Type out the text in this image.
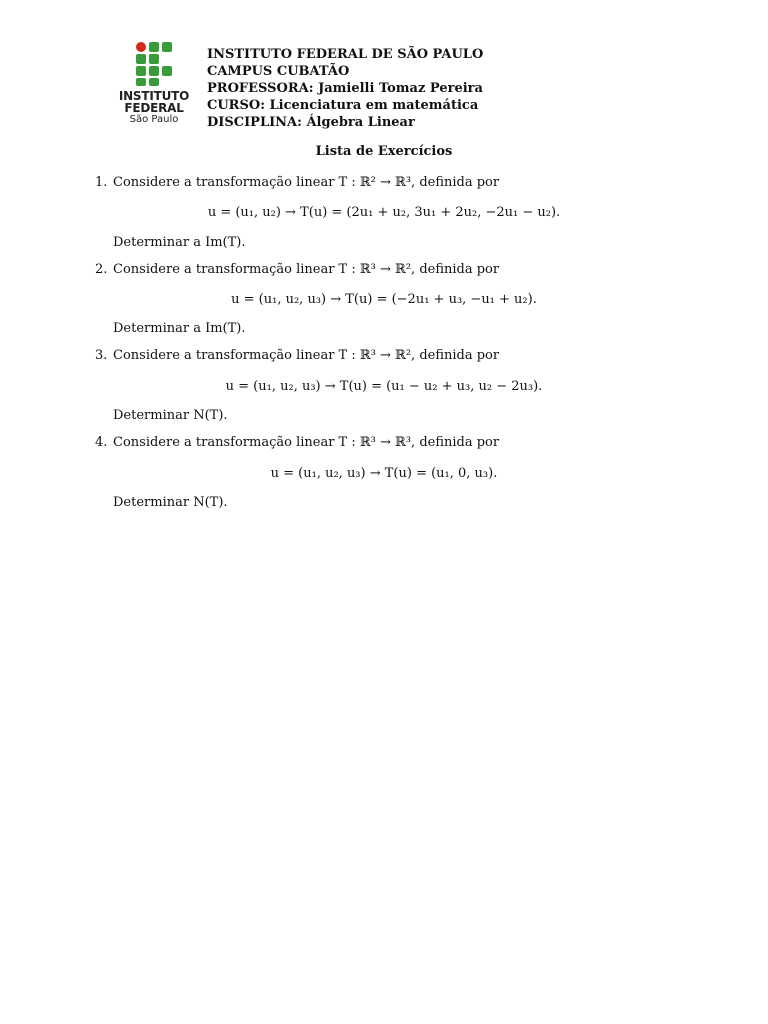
INSTITUTO
FEDERAL
São Paulo
INSTITUTO FEDERAL DE SÃO PAULO
CAMPUS CUBATÃO
PROFESSORA: Jamielli Tomaz Pereira
CURSO: Licenciatura em matemática
DISCIPLINA: Álgebra Linear
Lista de Exercícios
1. Considere a transformação linear T : ℝ² → ℝ³, definida por
u = (u₁, u₂) → T(u) = (2u₁ + u₂, 3u₁ + 2u₂, −2u₁ − u₂).
Determinar a Im(T).
2. Considere a transformação linear T : ℝ³ → ℝ², definida por
u = (u₁, u₂, u₃) → T(u) = (−2u₁ + u₃, −u₁ + u₂).
Determinar a Im(T).
3. Considere a transformação linear T : ℝ³ → ℝ², definida por
u = (u₁, u₂, u₃) → T(u) = (u₁ − u₂ + u₃, u₂ − 2u₃).
Determinar N(T).
4. Considere a transformação linear T : ℝ³ → ℝ³, definida por
u = (u₁, u₂, u₃) → T(u) = (u₁, 0, u₃).
Determinar N(T).
